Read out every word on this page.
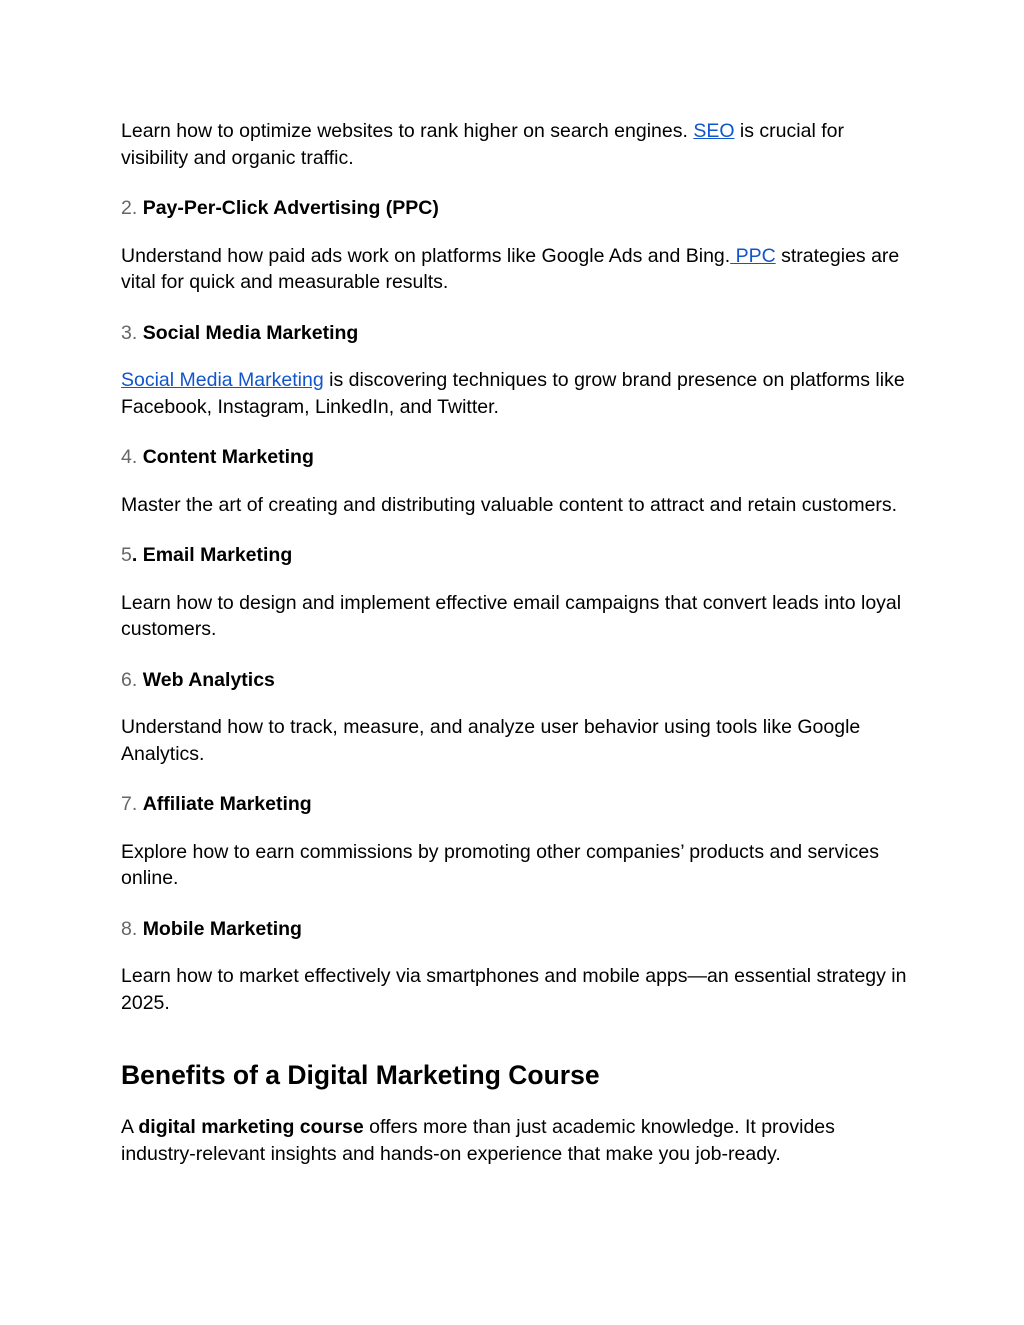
Learn how to optimize websites to rank higher on search engines. SEO is crucial for visibility and organic traffic.

2. Pay-Per-Click Advertising (PPC)

Understand how paid ads work on platforms like Google Ads and Bing. PPC strategies are vital for quick and measurable results.

3. Social Media Marketing

Social Media Marketing is discovering techniques to grow brand presence on platforms like Facebook, Instagram, LinkedIn, and Twitter.

4. Content Marketing

Master the art of creating and distributing valuable content to attract and retain customers.

5. Email Marketing

Learn how to design and implement effective email campaigns that convert leads into loyal customers.

6. Web Analytics

Understand how to track, measure, and analyze user behavior using tools like Google Analytics.

7. Affiliate Marketing

Explore how to earn commissions by promoting other companies’ products and services online.

8. Mobile Marketing

Learn how to market effectively via smartphones and mobile apps—an essential strategy in 2025.

Benefits of a Digital Marketing Course

A digital marketing course offers more than just academic knowledge. It provides industry-relevant insights and hands-on experience that make you job-ready.
